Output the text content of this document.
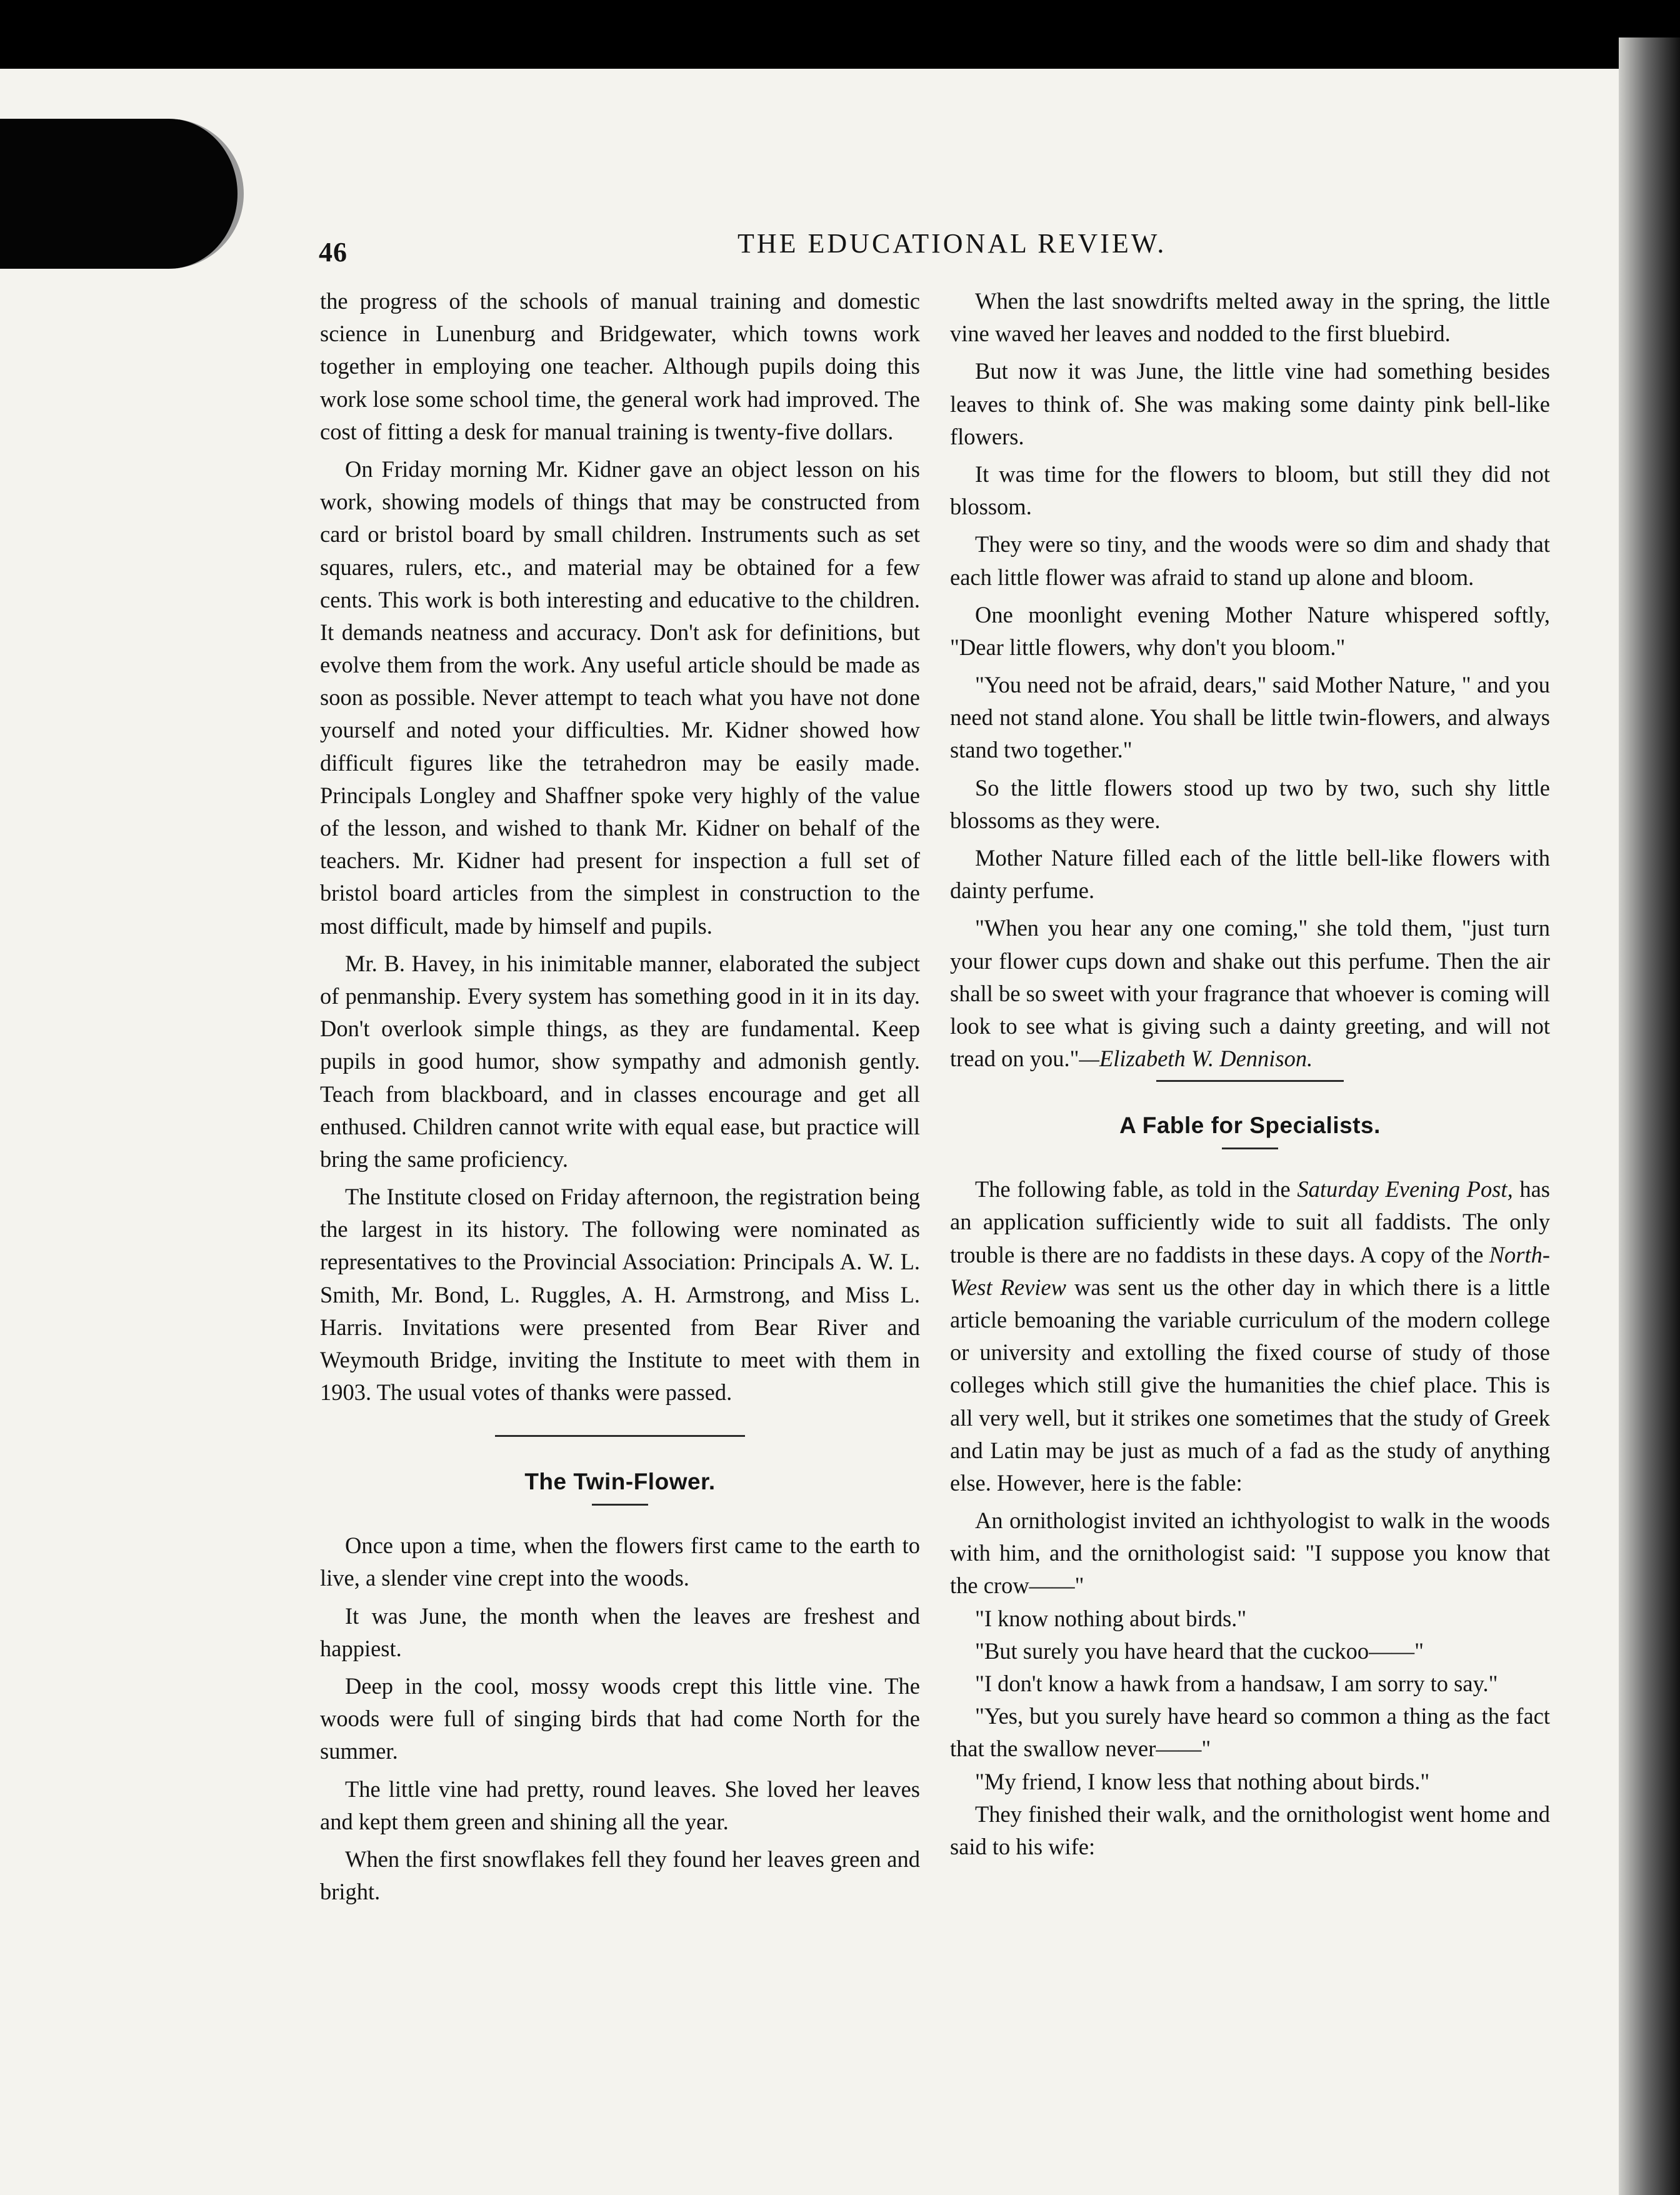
46	THE EDUCATIONAL REVIEW.

the progress of the schools of manual training and domestic science in Lunenburg and Bridgewater, which towns work together in employing one teacher. Although pupils doing this work lose some school time, the general work had improved. The cost of fitting a desk for manual training is twenty-five dollars.

On Friday morning Mr. Kidner gave an object lesson on his work, showing models of things that may be constructed from card or bristol board by small children. Instruments such as set squares, rulers, etc., and material may be obtained for a few cents. This work is both interesting and educative to the children. It demands neatness and accuracy. Don't ask for definitions, but evolve them from the work. Any useful article should be made as soon as possible. Never attempt to teach what you have not done yourself and noted your difficulties. Mr. Kidner showed how difficult figures like the tetrahedron may be easily made. Principals Longley and Shaffner spoke very highly of the value of the lesson, and wished to thank Mr. Kidner on behalf of the teachers. Mr. Kidner had present for inspection a full set of bristol board articles from the simplest in construction to the most difficult, made by himself and pupils.

Mr. B. Havey, in his inimitable manner, elaborated the subject of penmanship. Every system has something good in it in its day. Don't overlook simple things, as they are fundamental. Keep pupils in good humor, show sympathy and admonish gently. Teach from blackboard, and in classes encourage and get all enthused. Children cannot write with equal ease, but practice will bring the same proficiency.

The Institute closed on Friday afternoon, the registration being the largest in its history. The following were nominated as representatives to the Provincial Association: Principals A. W. L. Smith, Mr. Bond, L. Ruggles, A. H. Armstrong, and Miss L. Harris. Invitations were presented from Bear River and Weymouth Bridge, inviting the Institute to meet with them in 1903. The usual votes of thanks were passed.

The Twin-Flower.

Once upon a time, when the flowers first came to the earth to live, a slender vine crept into the woods.

It was June, the month when the leaves are freshest and happiest.

Deep in the cool, mossy woods crept this little vine. The woods were full of singing birds that had come North for the summer.

The little vine had pretty, round leaves. She loved her leaves and kept them green and shining all the year.

When the first snowflakes fell they found her leaves green and bright.

When the last snowdrifts melted away in the spring, the little vine waved her leaves and nodded to the first bluebird.

But now it was June, the little vine had something besides leaves to think of. She was making some dainty pink bell-like flowers.

It was time for the flowers to bloom, but still they did not blossom.

They were so tiny, and the woods were so dim and shady that each little flower was afraid to stand up alone and bloom.

One moonlight evening Mother Nature whispered softly, "Dear little flowers, why don't you bloom."

"You need not be afraid, dears," said Mother Nature, " and you need not stand alone. You shall be little twin-flowers, and always stand two together."

So the little flowers stood up two by two, such shy little blossoms as they were.

Mother Nature filled each of the little bell-like flowers with dainty perfume.

"When you hear any one coming," she told them, "just turn your flower cups down and shake out this perfume. Then the air shall be so sweet with your fragrance that whoever is coming will look to see what is giving such a dainty greeting, and will not tread on you."—Elizabeth W. Dennison.

A Fable for Specialists.

The following fable, as told in the Saturday Evening Post, has an application sufficiently wide to suit all faddists. The only trouble is there are no faddists in these days. A copy of the North-West Review was sent us the other day in which there is a little article bemoaning the variable curriculum of the modern college or university and extolling the fixed course of study of those colleges which still give the humanities the chief place. This is all very well, but it strikes one sometimes that the study of Greek and Latin may be just as much of a fad as the study of anything else. However, here is the fable:

An ornithologist invited an ichthyologist to walk in the woods with him, and the ornithologist said: "I suppose you know that the crow——"

"I know nothing about birds."

"But surely you have heard that the cuckoo——"

"I don't know a hawk from a handsaw, I am sorry to say."

"Yes, but you surely have heard so common a thing as the fact that the swallow never——"

"My friend, I know less that nothing about birds."

They finished their walk, and the ornithologist went home and said to his wife:
